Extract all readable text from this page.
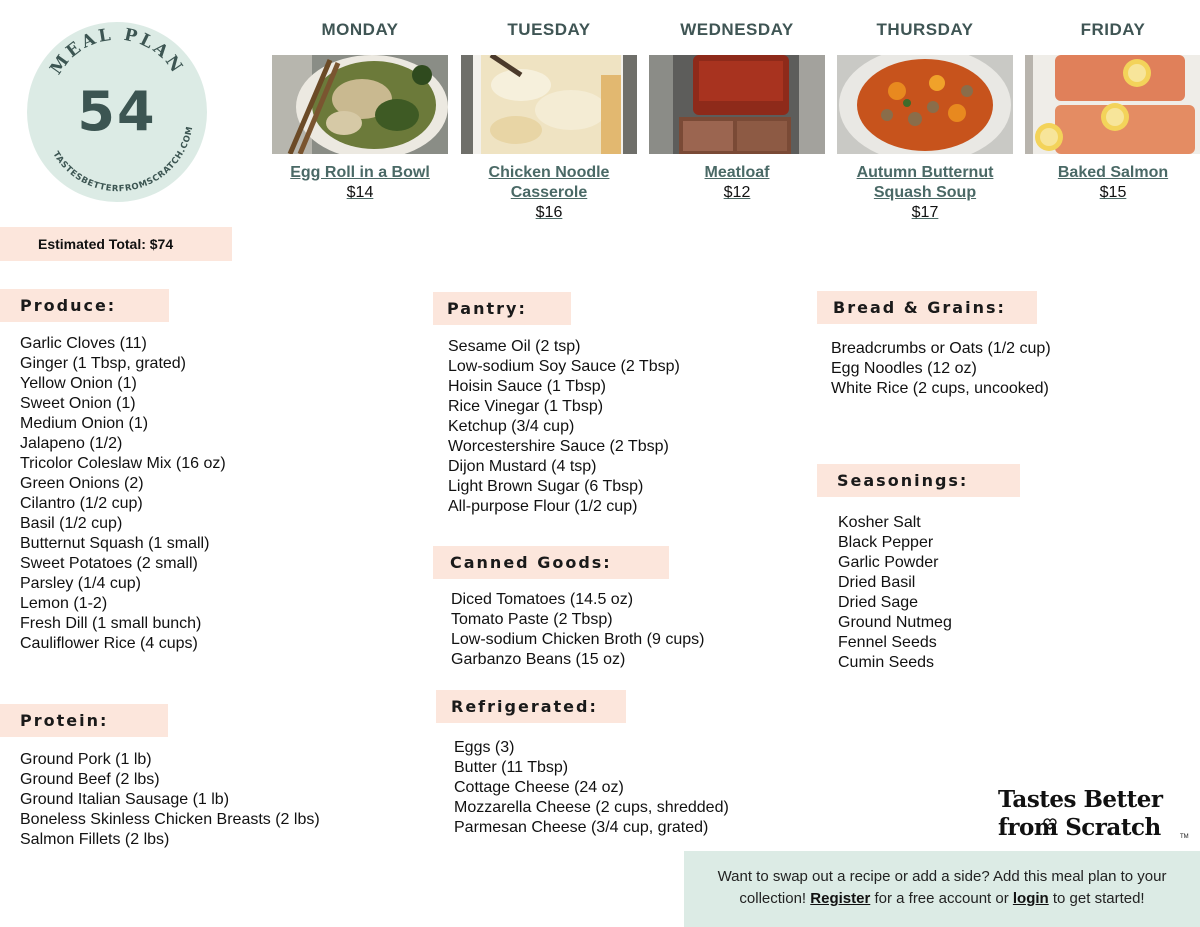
MEAL PLAN
TASTESBETTERFROMSCRATCH.COM
54
MONDAY
Egg Roll in a Bowl
$14
TUESDAY
Chicken Noodle Casserole
$16
WEDNESDAY
Meatloaf
$12
THURSDAY
Autumn Butternut Squash Soup
$17
FRIDAY
Baked Salmon
$15
Estimated Total: $74
Produce:
Garlic Cloves (11)
Ginger (1 Tbsp, grated)
Yellow Onion (1)
Sweet Onion (1)
Medium Onion (1)
Jalapeno (1/2)
Tricolor Coleslaw Mix (16 oz)
Green Onions (2)
Cilantro (1/2 cup)
Basil (1/2 cup)
Butternut Squash (1 small)
Sweet Potatoes (2 small)
Parsley (1/4 cup)
Lemon (1-2)
Fresh Dill (1 small bunch)
Cauliflower Rice (4 cups)
Protein:
Ground Pork (1 lb)
Ground Beef (2 lbs)
Ground Italian Sausage (1 lb)
Boneless Skinless Chicken Breasts (2 lbs)
Salmon Fillets (2 lbs)
Pantry:
Sesame Oil (2 tsp)
Low-sodium Soy Sauce (2 Tbsp)
Hoisin Sauce (1 Tbsp)
Rice Vinegar (1 Tbsp)
Ketchup (3/4 cup)
Worcestershire Sauce (2 Tbsp)
Dijon Mustard (4 tsp)
Light Brown Sugar (6 Tbsp)
All-purpose Flour (1/2 cup)
Canned Goods:
Diced Tomatoes (14.5 oz)
Tomato Paste (2 Tbsp)
Low-sodium Chicken Broth (9 cups)
Garbanzo Beans (15 oz)
Refrigerated:
Eggs (3)
Butter (11 Tbsp)
Cottage Cheese (24 oz)
Mozzarella Cheese (2 cups, shredded)
Parmesan Cheese (3/4 cup, grated)
Bread & Grains:
Breadcrumbs or Oats (1/2 cup)
Egg Noodles (12 oz)
White Rice (2 cups, uncooked)
Seasonings:
Kosher Salt
Black Pepper
Garlic Powder
Dried Basil
Dried Sage
Ground Nutmeg
Fennel Seeds
Cumin Seeds
Tastes Better
from Scratch	TM
Want to swap out a recipe or add a side? Add this meal plan to your collection! Register for a free account or login to get started!
